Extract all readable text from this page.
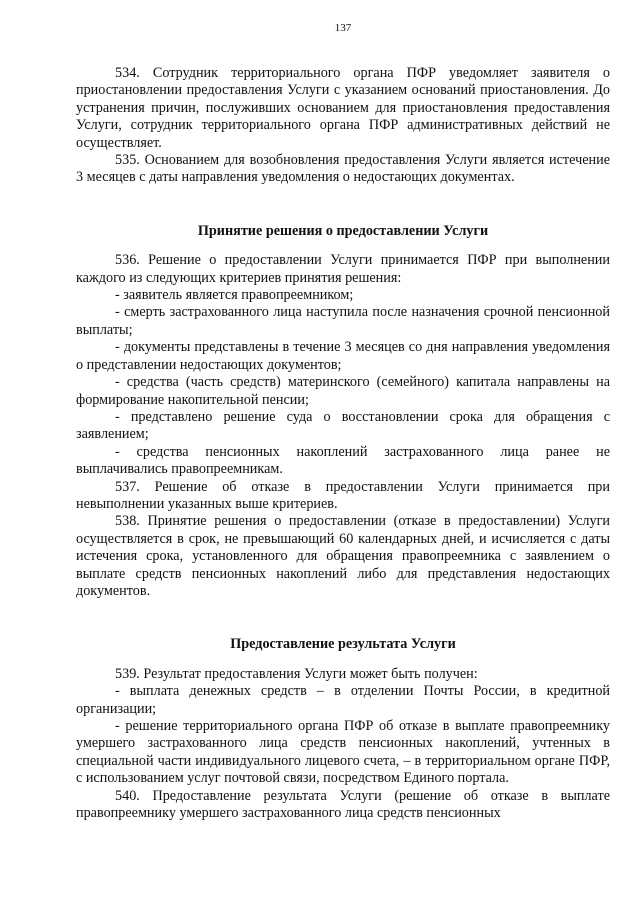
137

534. Сотрудник территориального органа ПФР уведомляет заявителя о приостановлении предоставления Услуги с указанием оснований приостановления. До устранения причин, послуживших основанием для приостановления предоставления Услуги, сотрудник территориального органа ПФР административных действий не осуществляет.

535. Основанием для возобновления предоставления Услуги является истечение 3 месяцев с даты направления уведомления о недостающих документах.

Принятие решения о предоставлении Услуги

536. Решение о предоставлении Услуги принимается ПФР при выполнении каждого из следующих критериев принятия решения:

- заявитель является правопреемником;

- смерть застрахованного лица наступила после назначения срочной пенсионной выплаты;

- документы представлены в течение 3 месяцев со дня направления уведомления о представлении недостающих документов;

- средства (часть средств) материнского (семейного) капитала направлены на формирование накопительной пенсии;

- представлено решение суда о восстановлении срока для обращения с заявлением;

- средства пенсионных накоплений застрахованного лица ранее не выплачивались правопреемникам.

537. Решение об отказе в предоставлении Услуги принимается при невыполнении указанных выше критериев.

538. Принятие решения о предоставлении (отказе в предоставлении) Услуги осуществляется в срок, не превышающий 60 календарных дней, и исчисляется с даты истечения срока, установленного для обращения правопреемника с заявлением о выплате средств пенсионных накоплений либо для представления недостающих документов.

Предоставление результата Услуги

539. Результат предоставления Услуги может быть получен:

- выплата денежных средств – в отделении Почты России, в кредитной организации;

- решение территориального органа ПФР об отказе в выплате правопреемнику умершего застрахованного лица средств пенсионных накоплений, учтенных в специальной части индивидуального лицевого счета, – в территориальном органе ПФР, с использованием услуг почтовой связи, посредством Единого портала.

540. Предоставление результата Услуги (решение об отказе в выплате правопреемнику умершего застрахованного лица средств пенсионных
